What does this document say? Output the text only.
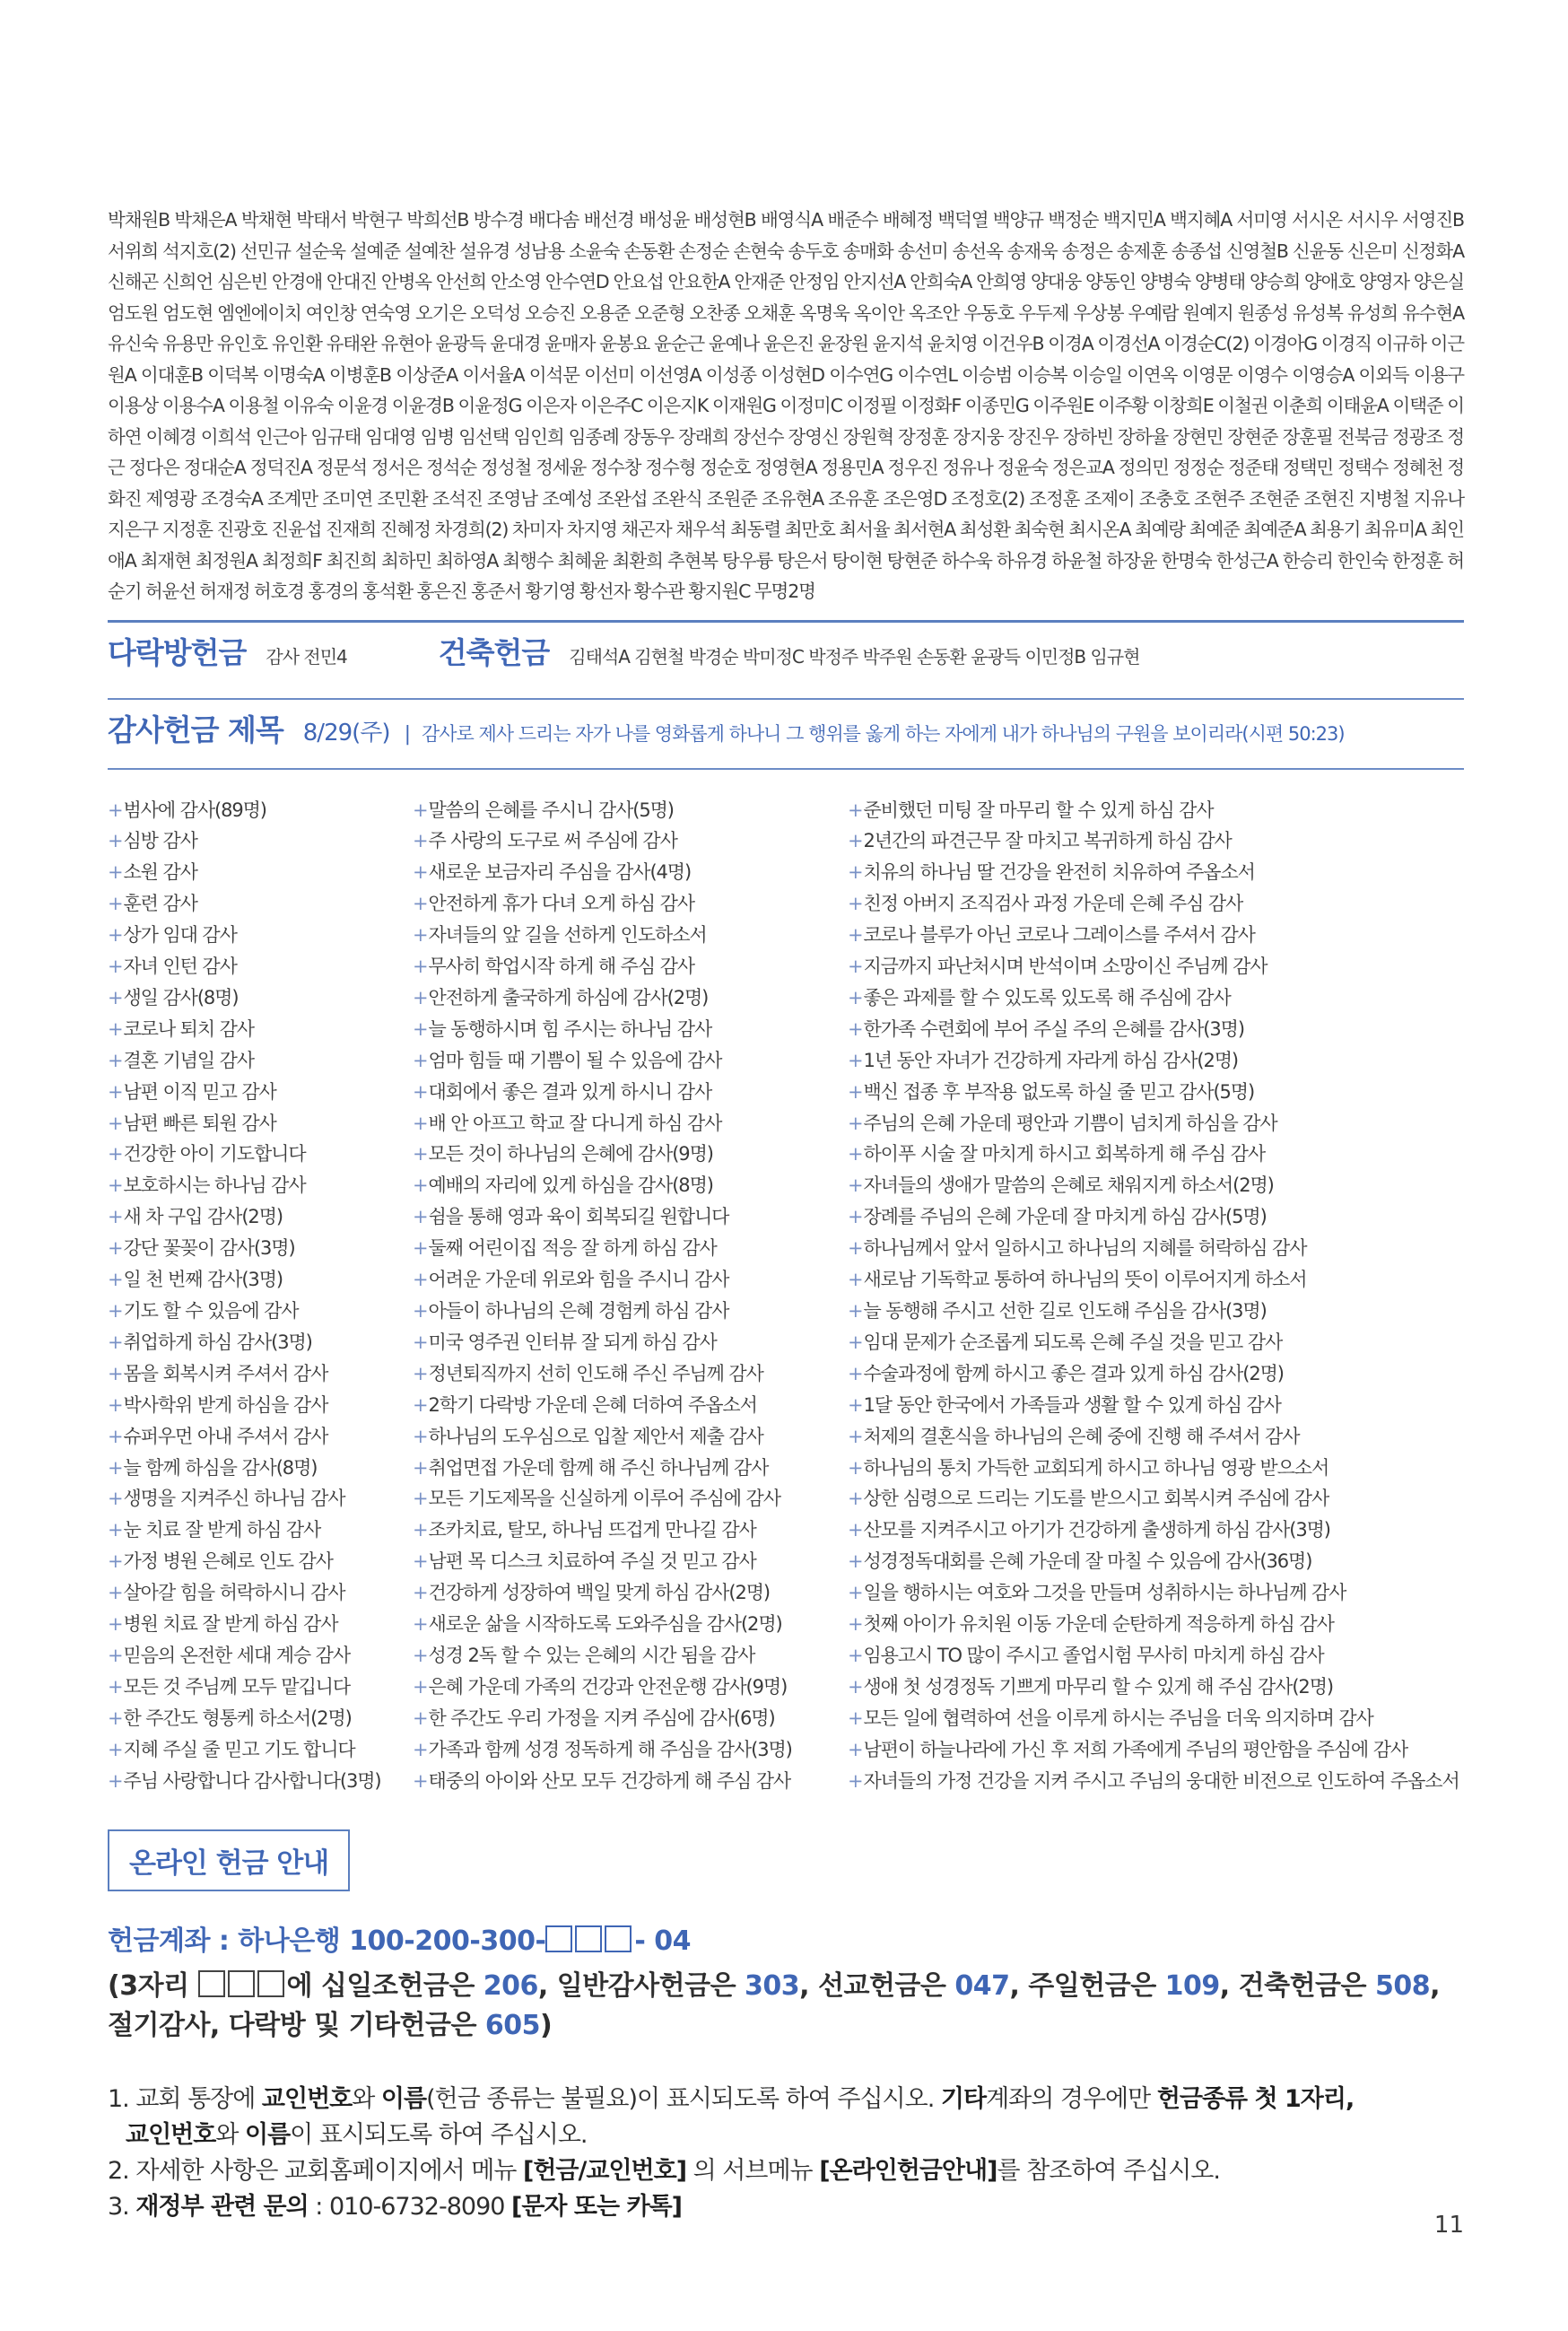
박채원B 박채은A 박채현 박태서 박현구 박희선B 방수경 배다솜 배선경 배성윤 배성현B 배영식A 배준수 배혜정 백덕열 백양규 백정순 백지민A 백지혜A 서미영 서시온 서시우 서영진B 서위희 석지호(2) 선민규 설순욱 설예준 설예찬 설유경 성남용 소윤숙 손동환 손정순 손현숙 송두호 송매화 송선미 송선옥 송재욱 송정은 송제훈 송종섭 신영철B 신윤동 신은미 신정화A 신해곤 신희언 심은빈 안경애 안대진 안병옥 안선희 안소영 안수연D 안요섭 안요한A 안재준 안정임 안지선A 안희숙A 안희영 양대웅 양동인 양병숙 양병태 양승희 양애호 양영자 양은실 엄도원 엄도현 엠엔에이치 여인창 연숙영 오기은 오덕성 오승진 오용준 오준형 오찬종 오채훈 옥명욱 옥이안 옥조안 우동호 우두제 우상봉 우예람 원예지 원종성 유성복 유성희 유수현A 유신숙 유용만 유인호 유인환 유태완 유현아 윤광득 윤대경 윤매자 윤봉요 윤순근 윤예나 윤은진 윤장원 윤지석 윤치영 이건우B 이경A 이경선A 이경순C(2) 이경아G 이경직 이규하 이근원A 이대훈B 이덕복 이명숙A 이병훈B 이상준A 이서율A 이석문 이선미 이선영A 이성종 이성현D 이수연G 이수연L 이승범 이승복 이승일 이연옥 이영문 이영수 이영승A 이외득 이용구 이용상 이용수A 이용철 이유숙 이윤경 이윤경B 이윤정G 이은자 이은주C 이은지K 이재원G 이정미C 이정필 이정화F 이종민G 이주원E 이주황 이창희E 이철권 이춘희 이태윤A 이택준 이하연 이혜경 이희석 인근아 임규태 임대영 임병 임선택 임인희 임종례 장동우 장래희 장선수 장영신 장원혁 장정훈 장지웅 장진우 장하빈 장하율 장현민 장현준 장훈필 전북금 정광조 정근 정다은 정대순A 정덕진A 정문석 정서은 정석순 정성철 정세윤 정수창 정수형 정순호 정영현A 정용민A 정우진 정유나 정윤숙 정은교A 정의민 정정순 정준태 정택민 정택수 정혜천 정화진 제영광 조경숙A 조계만 조미연 조민환 조석진 조영남 조예성 조완섭 조완식 조원준 조유현A 조유훈 조은영D 조정호(2) 조정훈 조제이 조충호 조현주 조현준 조현진 지병철 지유나 지은구 지정훈 진광호 진윤섭 진재희 진혜정 차경희(2) 차미자 차지영 채곤자 채우석 최동렬 최만호 최서율 최서현A 최성환 최숙현 최시온A 최예랑 최예준 최예준A 최용기 최유미A 최인애A 최재현 최정원A 최정희F 최진희 최하민 최하영A 최행수 최혜윤 최환희 추현복 탕우륭 탕은서 탕이현 탕현준 하수욱 하유경 하윤철 하장윤 한명숙 한성근A 한승리 한인숙 한정훈 허순기 허윤선 허재정 허호경 홍경의 홍석환 홍은진 홍준서 황기영 황선자 황수관 황지원C 무명2명
다락방헌금 감사 전민4	건축헌금 김태석A 김현철 박경순 박미정C 박정주 박주원 손동환 윤광득 이민정B 임규현
감사헌금 제목 8/29(주) | 감사로 제사 드리는 자가 나를 영화롭게 하나니 그 행위를 옳게 하는 자에게 내가 하나님의 구원을 보이리라(시편 50:23)
+범사에 감사(89명)
+심방 감사
+소원 감사
+훈련 감사
+상가 임대 감사
+자녀 인턴 감사
+생일 감사(8명)
+코로나 퇴치 감사
+결혼 기념일 감사
+남편 이직 믿고 감사
+남편 빠른 퇴원 감사
+건강한 아이 기도합니다
+보호하시는 하나님 감사
+새 차 구입 감사(2명)
+강단 꽃꽂이 감사(3명)
+일 천 번째 감사(3명)
+기도 할 수 있음에 감사
+취업하게 하심 감사(3명)
+몸을 회복시켜 주셔서 감사
+박사학위 받게 하심을 감사
+슈퍼우먼 아내 주셔서 감사
+늘 함께 하심을 감사(8명)
+생명을 지켜주신 하나님 감사
+눈 치료 잘 받게 하심 감사
+가정 병원 은혜로 인도 감사
+살아갈 힘을 허락하시니 감사
+병원 치료 잘 받게 하심 감사
+믿음의 온전한 세대 계승 감사
+모든 것 주님께 모두 맡깁니다
+한 주간도 형통케 하소서(2명)
+지혜 주실 줄 믿고 기도 합니다
+주님 사랑합니다 감사합니다(3명)
+말씀의 은혜를 주시니 감사(5명)
+주 사랑의 도구로 써 주심에 감사
+새로운 보금자리 주심을 감사(4명)
+안전하게 휴가 다녀 오게 하심 감사
+자녀들의 앞 길을 선하게 인도하소서
+무사히 학업시작 하게 해 주심 감사
+안전하게 출국하게 하심에 감사(2명)
+늘 동행하시며 힘 주시는 하나님 감사
+엄마 힘들 때 기쁨이 될 수 있음에 감사
+대회에서 좋은 결과 있게 하시니 감사
+배 안 아프고 학교 잘 다니게 하심 감사
+모든 것이 하나님의 은혜에 감사(9명)
+예배의 자리에 있게 하심을 감사(8명)
+쉼을 통해 영과 육이 회복되길 원합니다
+둘째 어린이집 적응 잘 하게 하심 감사
+어려운 가운데 위로와 힘을 주시니 감사
+아들이 하나님의 은혜 경험케 하심 감사
+미국 영주권 인터뷰 잘 되게 하심 감사
+정년퇴직까지 선히 인도해 주신 주님께 감사
+2학기 다락방 가운데 은혜 더하여 주옵소서
+하나님의 도우심으로 입찰 제안서 제출 감사
+취업면접 가운데 함께 해 주신 하나님께 감사
+모든 기도제목을 신실하게 이루어 주심에 감사
+조카치료, 탈모, 하나님 뜨겁게 만나길 감사
+남편 목 디스크 치료하여 주실 것 믿고 감사
+건강하게 성장하여 백일 맞게 하심 감사(2명)
+새로운 삶을 시작하도록 도와주심을 감사(2명)
+성경 2독 할 수 있는 은혜의 시간 됨을 감사
+은혜 가운데 가족의 건강과 안전운행 감사(9명)
+한 주간도 우리 가정을 지켜 주심에 감사(6명)
+가족과 함께 성경 정독하게 해 주심을 감사(3명)
+태중의 아이와 산모 모두 건강하게 해 주심 감사
+준비했던 미팅 잘 마무리 할 수 있게 하심 감사
+2년간의 파견근무 잘 마치고 복귀하게 하심 감사
+치유의 하나님 딸 건강을 완전히 치유하여 주옵소서
+친정 아버지 조직검사 과정 가운데 은혜 주심 감사
+코로나 블루가 아닌 코로나 그레이스를 주셔서 감사
+지금까지 파난처시며 반석이며 소망이신 주님께 감사
+좋은 과제를 할 수 있도록 있도록 해 주심에 감사
+한가족 수련회에 부어 주실 주의 은혜를 감사(3명)
+1년 동안 자녀가 건강하게 자라게 하심 감사(2명)
+백신 접종 후 부작용 없도록 하실 줄 믿고 감사(5명)
+주님의 은혜 가운데 평안과 기쁨이 넘치게 하심을 감사
+하이푸 시술 잘 마치게 하시고 회복하게 해 주심 감사
+자녀들의 생애가 말씀의 은혜로 채워지게 하소서(2명)
+장례를 주님의 은혜 가운데 잘 마치게 하심 감사(5명)
+하나님께서 앞서 일하시고 하나님의 지혜를 허락하심 감사
+새로남 기독학교 통하여 하나님의 뜻이 이루어지게 하소서
+늘 동행해 주시고 선한 길로 인도해 주심을 감사(3명)
+임대 문제가 순조롭게 되도록 은혜 주실 것을 믿고 감사
+수술과정에 함께 하시고 좋은 결과 있게 하심 감사(2명)
+1달 동안 한국에서 가족들과 생활 할 수 있게 하심 감사
+처제의 결혼식을 하나님의 은혜 중에 진행 해 주셔서 감사
+하나님의 통치 가득한 교회되게 하시고 하나님 영광 받으소서
+상한 심령으로 드리는 기도를 받으시고 회복시켜 주심에 감사
+산모를 지켜주시고 아기가 건강하게 출생하게 하심 감사(3명)
+성경정독대회를 은혜 가운데 잘 마칠 수 있음에 감사(36명)
+일을 행하시는 여호와 그것을 만들며 성취하시는 하나님께 감사
+첫째 아이가 유치원 이동 가운데 순탄하게 적응하게 하심 감사
+임용고시 TO 많이 주시고 졸업시험 무사히 마치게 하심 감사
+생애 첫 성경정독 기쁘게 마무리 할 수 있게 해 주심 감사(2명)
+모든 일에 협력하여 선을 이루게 하시는 주님을 더욱 의지하며 감사
+남편이 하늘나라에 가신 후 저희 가족에게 주님의 평안함을 주심에 감사
+자녀들의 가정 건강을 지켜 주시고 주님의 웅대한 비전으로 인도하여 주옵소서
온라인 헌금 안내
헌금계좌 : 하나은행 100-200-300-	- 04
(3자리	에 십일조헌금은 206, 일반감사헌금은 303, 선교헌금은 047, 주일헌금은 109, 건축헌금은 508,
절기감사, 다락방 및 기타헌금은 605)
1. 교회 통장에 교인번호와 이름(헌금 종류는 불필요)이 표시되도록 하여 주십시오. 기타계좌의 경우에만 헌금종류 첫 1자리,
교인번호와 이름이 표시되도록 하여 주십시오.
2. 자세한 사항은 교회홈페이지에서 메뉴 [헌금/교인번호] 의 서브메뉴 [온라인헌금안내]를 참조하여 주십시오.
3. 재정부 관련 문의 : 010-6732-8090 [문자 또는 카톡]
11
